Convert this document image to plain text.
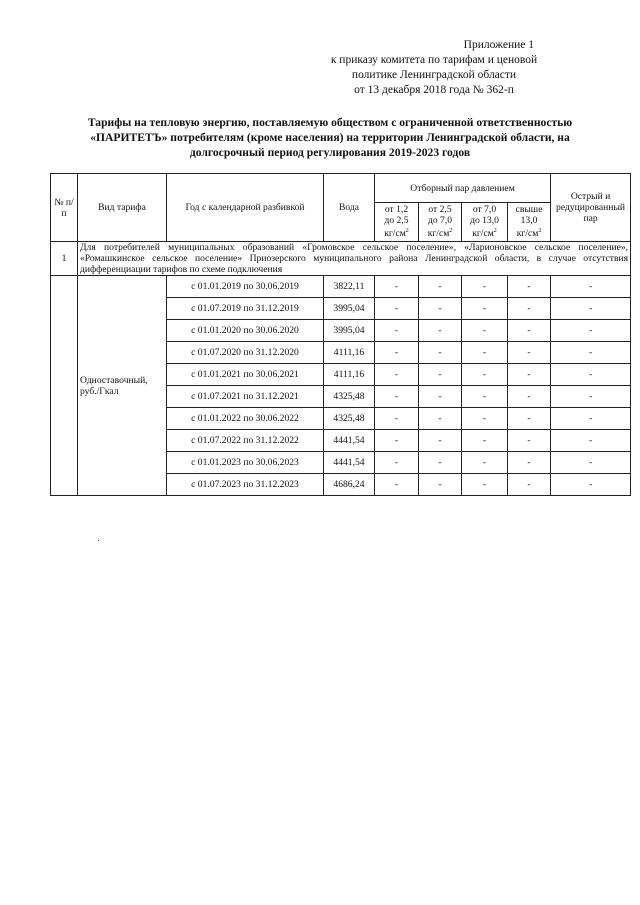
Приложение 1
к приказу комитета по тарифам и ценовой
политике Ленинградской области
от 13 декабря 2018 года № 362-п
Тарифы на тепловую энергию, поставляемую обществом с ограниченной ответственностью
«ПАРИТЕТЪ» потребителям (кроме населения) на территории Ленинградской области, на
долгосрочный период регулирования 2019-2023 годов
№ п/п	Вид тарифа	Год с календарной разбивкой	Вода	Отборный пар давлением				Острый и редуцированный пар
				от 1,2
до 2,5
$кг/см^2$	от 2,5
до 7,0
$кг/см^2$	от 7,0
до 13,0
$кг/см^2$	свыше
13,0
$кг/см^2$
1	Для потребителей муниципальных образований «Громовское сельское поселение», «Ларионовское сельское поселение», «Ромашкинское сельское поселение» Приозерского муниципального района Ленинградской области, в случае отсутствия дифференциации тарифов по схеме подключения							
	Одноставочный, руб./Гкал	с 01.01.2019 по 30.06.2019	3822,11	-	-	-	-	-
		с 01.07.2019 по 31.12.2019	3995,04	-	-	-	-	-
		с 01.01.2020 по 30.06.2020	3995,04	-	-	-	-	-
		с 01.07.2020 по 31.12.2020	4111,16	-	-	-	-	-
		с 01.01.2021 по 30.06.2021	4111,16	-	-	-	-	-
		с 01.07.2021 по 31.12.2021	4325,48	-	-	-	-	-
		с 01.01.2022 по 30.06.2022	4325,48	-	-	-	-	-
		с 01.07.2022 по 31.12.2022	4441,54	-	-	-	-	-
		с 01.01.2023 по 30.06.2023	4441,54	-	-	-	-	-
		с 01.07.2023 по 31.12.2023	4686,24	-	-	-	-	-
